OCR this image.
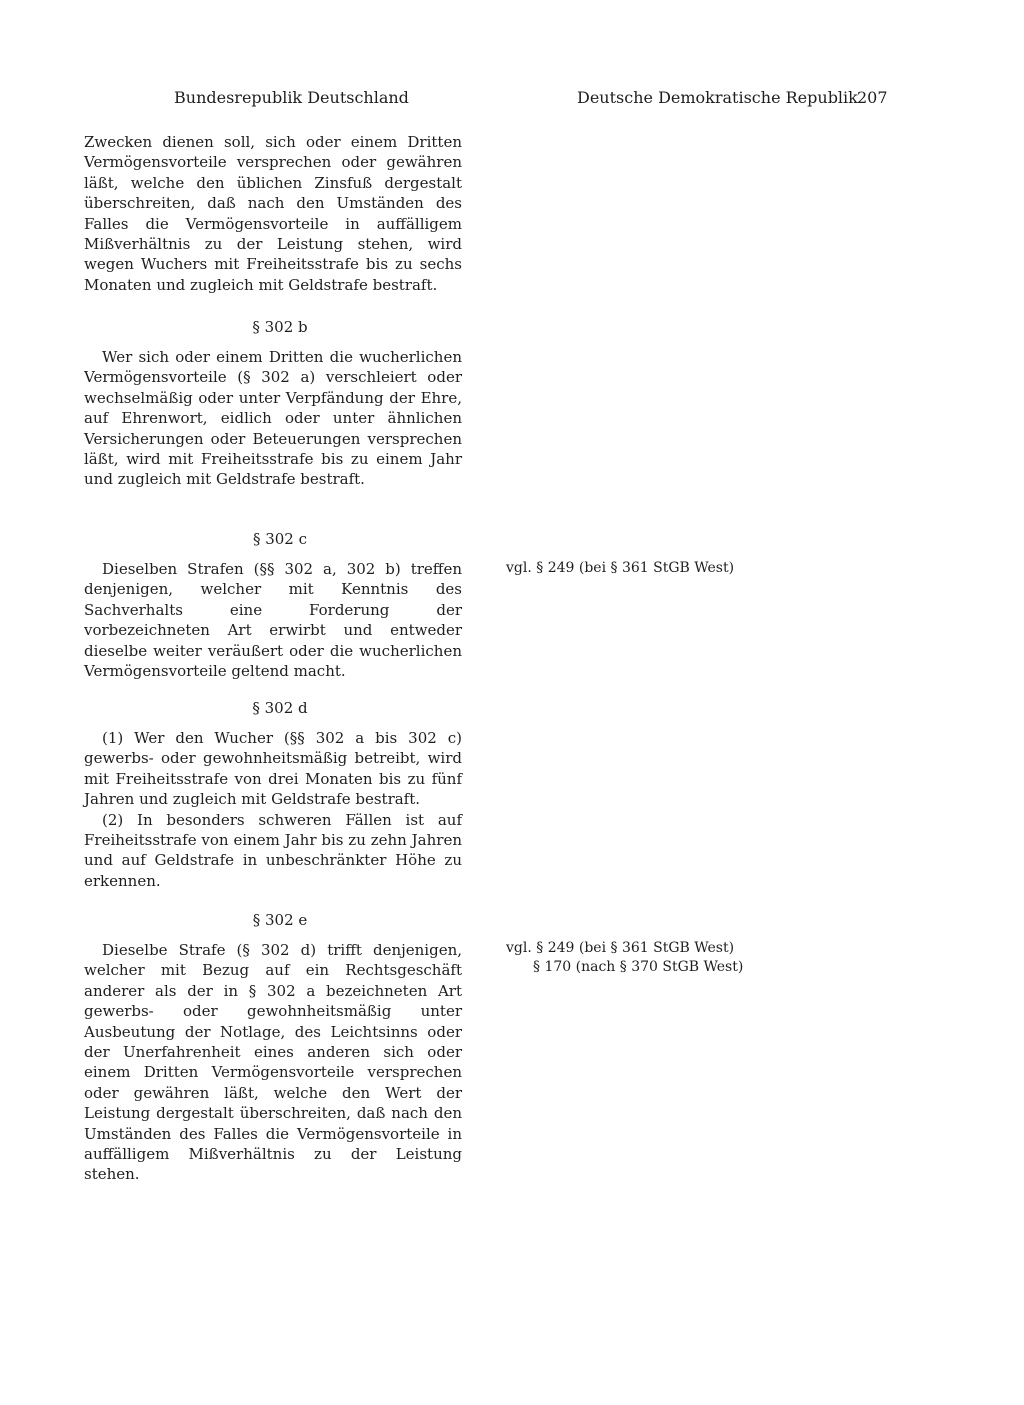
Bundesrepublik Deutschland	Deutsche Demokratische Republik 207

Zwecken dienen soll, sich oder einem Dritten Vermögensvorteile versprechen oder gewähren läßt, welche den üblichen Zinsfuß dergestalt überschreiten, daß nach den Umständen des Falles die Vermögensvorteile in auffälligem Mißverhältnis zu der Leistung stehen, wird wegen Wuchers mit Freiheitsstrafe bis zu sechs Monaten und zugleich mit Geldstrafe bestraft.

§ 302 b

Wer sich oder einem Dritten die wucherlichen Vermögensvorteile (§ 302 a) verschleiert oder wechselmäßig oder unter Verpfändung der Ehre, auf Ehrenwort, eidlich oder unter ähnlichen Versicherungen oder Beteuerungen versprechen läßt, wird mit Freiheitsstrafe bis zu einem Jahr und zugleich mit Geldstrafe bestraft.

§ 302 c

Dieselben Strafen (§§ 302 a, 302 b) treffen denjenigen, welcher mit Kenntnis des Sachverhalts eine Forderung der vorbezeichneten Art erwirbt und entweder dieselbe weiter veräußert oder die wucherlichen Vermögensvorteile geltend macht.

vgl. § 249 (bei § 361 StGB West)

§ 302 d

(1) Wer den Wucher (§§ 302 a bis 302 c) gewerbs- oder gewohnheitsmäßig betreibt, wird mit Freiheitsstrafe von drei Monaten bis zu fünf Jahren und zugleich mit Geldstrafe bestraft.

(2) In besonders schweren Fällen ist auf Freiheitsstrafe von einem Jahr bis zu zehn Jahren und auf Geldstrafe in unbeschränkter Höhe zu erkennen.

§ 302 e

Dieselbe Strafe (§ 302 d) trifft denjenigen, welcher mit Bezug auf ein Rechtsgeschäft anderer als der in § 302 a bezeichneten Art gewerbs- oder gewohnheitsmäßig unter Ausbeutung der Notlage, des Leichtsinns oder der Unerfahrenheit eines anderen sich oder einem Dritten Vermögensvorteile versprechen oder gewähren läßt, welche den Wert der Leistung dergestalt überschreiten, daß nach den Umständen des Falles die Vermögensvorteile in auffälligem Mißverhältnis zu der Leistung stehen.

vgl. § 249 (bei § 361 StGB West)

§ 170 (nach § 370 StGB West)
